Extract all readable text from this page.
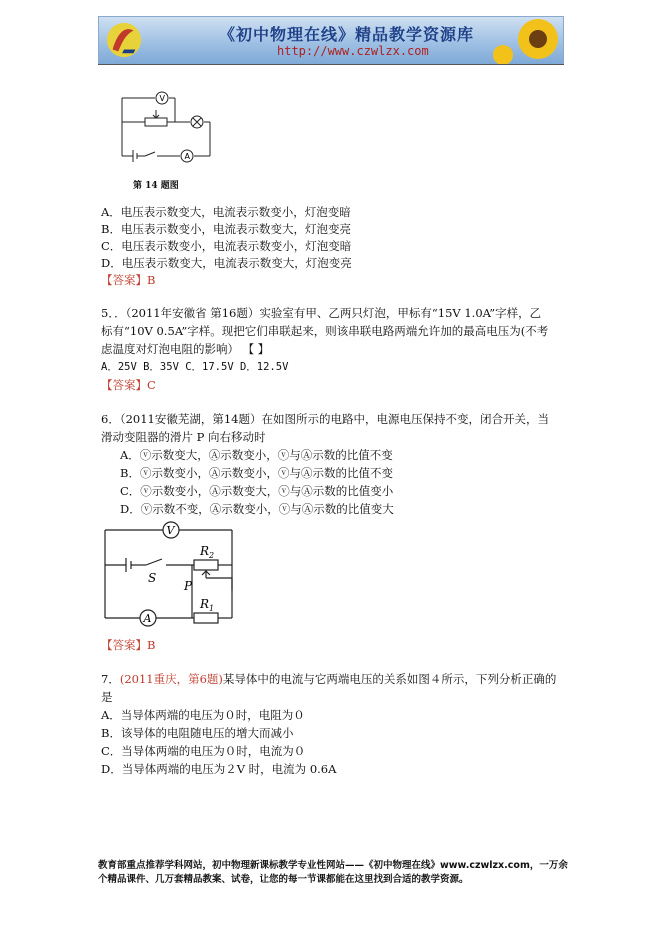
《初中物理在线》精品教学资源库
http://www.czwlzx.com
V
A
第 14 题图
A．电压表示数变大，电流表示数变小，灯泡变暗
B．电压表示数变小，电流表示数变大，灯泡变亮
C．电压表示数变小，电流表示数变小，灯泡变暗
D．电压表示数变大，电流表示数变大，灯泡变亮
【答案】B
5．．（2011年安徽省 第16题）实验室有甲、乙两只灯泡，甲标有“15V 1.0A”字样，乙
标有“10V 0.5A”字样。现把它们串联起来，则该串联电路两端允许加的最高电压为(不考
虑温度对灯泡电阻的影响） 【 】
A．25V B．35V C．17.5V D．12.5V
【答案】C
6．（2011安徽芜湖，第14题）在如图所示的电路中，电源电压保持不变，闭合开关，当
滑动变阻器的滑片 P 向右移动时
A．ⓥ示数变大，Ⓐ示数变小，ⓥ与Ⓐ示数的比值不变
B．ⓥ示数变小，Ⓐ示数变小，ⓥ与Ⓐ示数的比值不变
C．ⓥ示数变小，Ⓐ示数变大，ⓥ与Ⓐ示数的比值变小
D．ⓥ示数不变，Ⓐ示数变小，ⓥ与Ⓐ示数的比值变大
V
A
$R_2$
$R_1$
S
P
【答案】B
7．(2011重庆，第6题)某导体中的电流与它两端电压的关系如图４所示，下列分析正确的
是
A．当导体两端的电压为０时，电阻为０
B．该导体的电阻随电压的增大而减小
C．当导体两端的电压为０时，电流为０
D．当导体两端的电压为２V 时，电流为 0.6A
教育部重点推荐学科网站，初中物理新课标教学专业性网站——《初中物理在线》www.czwlzx.com，一万余
个精品课件、几万套精品教案、试卷，让您的每一节课都能在这里找到合适的教学资源。
